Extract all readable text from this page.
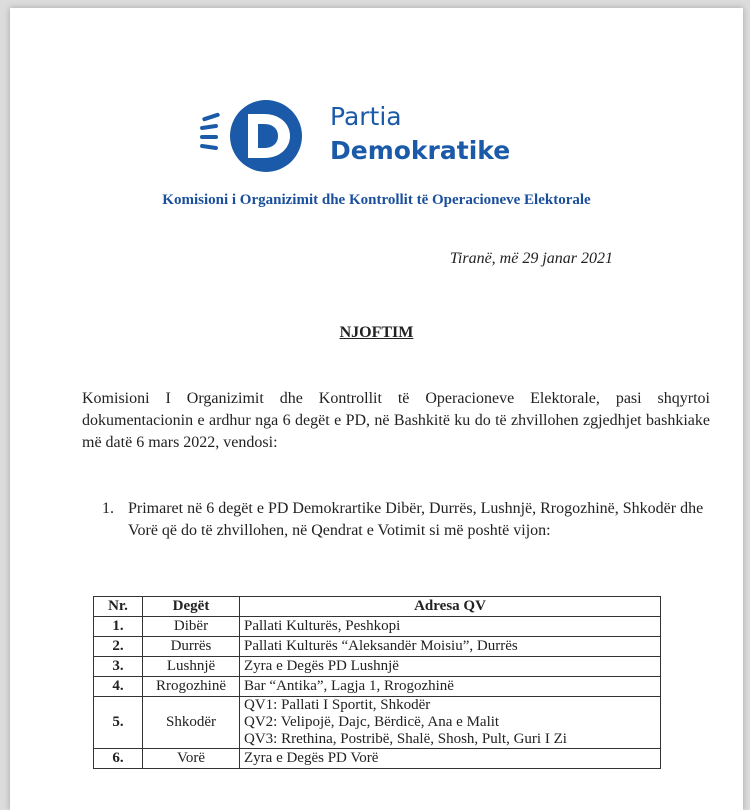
Partia
Demokratike
Komisioni i Organizimit dhe Kontrollit të Operacioneve Elektorale
Tiranë, më 29 janar 2021
NJOFTIM
Komisioni I Organizimit dhe Kontrollit të Operacioneve Elektorale, pasi shqyrtoi dokumentacionin e ardhur nga 6 degët e PD, në Bashkitë ku do të zhvillohen zgjedhjet bashkiake më datë 6 mars 2022, vendosi:
1. Primaret në 6 degët e PD Demokrartike Dibër, Durrës, Lushnjë, Rrogozhinë, Shkodër dhe Vorë që do të zhvillohen, në Qendrat e Votimit si më poshtë vijon:
Nr.	Degët	Adresa QV
1.	Dibër	Pallati Kulturës, Peshkopi
2.	Durrës	Pallati Kulturës “Aleksandër Moisiu”, Durrës
3.	Lushnjë	Zyra e Degës PD Lushnjë
4.	Rrogozhinë	Bar “Antika”, Lagja 1, Rrogozhinë
5.	Shkodër	QV1: Pallati I Sportit, Shkodër
QV2: Velipojë, Dajc, Bërdicë, Ana e Malit
QV3: Rrethina, Postribë, Shalë, Shosh, Pult, Guri I Zi

6.	Vorë	Zyra e Degës PD Vorë
